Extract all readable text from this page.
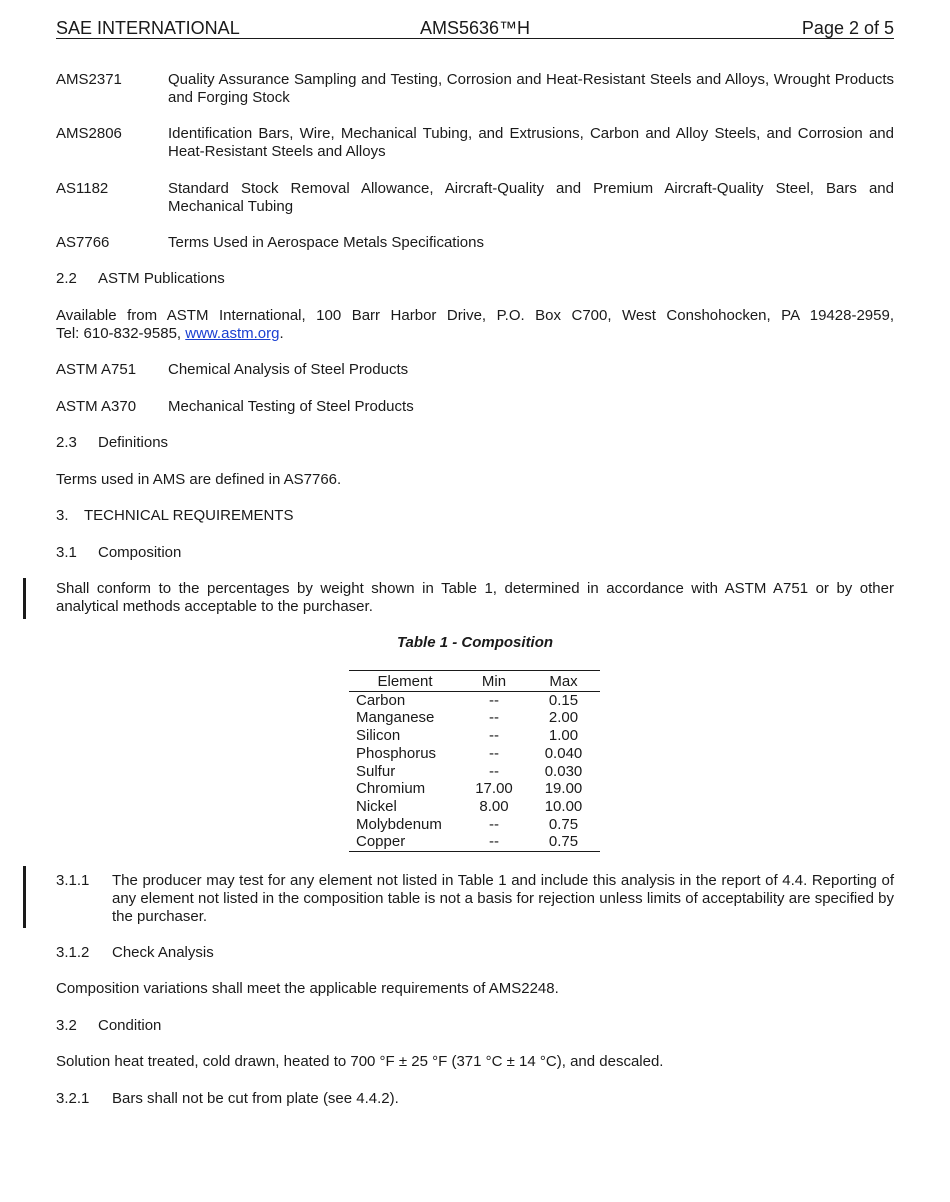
SAE INTERNATIONAL	AMS5636™H	Page 2 of 5
AMS2371	Quality Assurance Sampling and Testing, Corrosion and Heat-Resistant Steels and Alloys, Wrought Products and Forging Stock
AMS2806	Identification Bars, Wire, Mechanical Tubing, and Extrusions, Carbon and Alloy Steels, and Corrosion and Heat-Resistant Steels and Alloys
AS1182	Standard Stock Removal Allowance, Aircraft-Quality and Premium Aircraft-Quality Steel, Bars and Mechanical Tubing
AS7766	Terms Used in Aerospace Metals Specifications
2.2 ASTM Publications
Available from ASTM International, 100 Barr Harbor Drive, P.O. Box C700, West Conshohocken, PA 19428-2959,
Tel: 610-832-9585, www.astm.org.
ASTM A751 Chemical Analysis of Steel Products
ASTM A370 Mechanical Testing of Steel Products
2.3 Definitions
Terms used in AMS are defined in AS7766.
3. TECHNICAL REQUIREMENTS
3.1 Composition
Shall conform to the percentages by weight shown in Table 1, determined in accordance with ASTM A751 or by other analytical methods acceptable to the purchaser.
Table 1 - Composition
Element	Min	Max
Carbon	--	0.15
Manganese	--	2.00
Silicon	--	1.00
Phosphorus	--	0.040
Sulfur	--	0.030
Chromium	17.00	19.00
Nickel	8.00	10.00
Molybdenum	--	0.75
Copper	--	0.75
3.1.1 The producer may test for any element not listed in Table 1 and include this analysis in the report of 4.4. Reporting of any element not listed in the composition table is not a basis for rejection unless limits of acceptability are specified by the purchaser.
3.1.2 Check Analysis
Composition variations shall meet the applicable requirements of AMS2248.
3.2 Condition
Solution heat treated, cold drawn, heated to 700 °F ± 25 °F (371 °C ± 14 °C), and descaled.
3.2.1 Bars shall not be cut from plate (see 4.4.2).
